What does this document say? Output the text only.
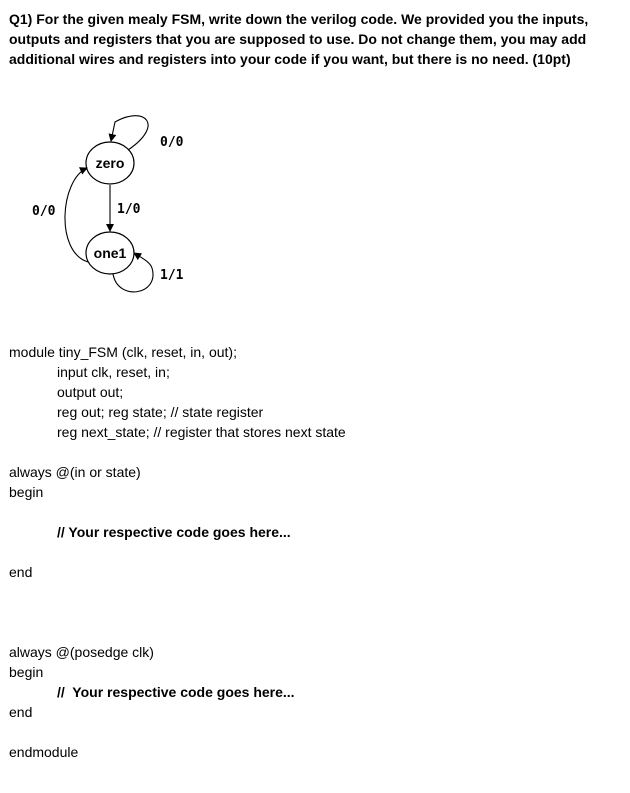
Q1) For the given mealy FSM, write down the verilog code. We provided you the inputs, outputs and registers that you are supposed to use. Do not change them, you may add additional wires and registers into your code if you want, but there is no need. (10pt)

zero
one1
0/0
1/0
0/0
1/1
module tiny_FSM (clk, reset, in, out);
input clk, reset, in;
output out;
reg out; reg state; // state register
reg next_state; // register that stores next state
always @(in or state)
begin
// Your respective code goes here...
end
always @(posedge clk)
begin
//  Your respective code goes here...
end
endmodule
